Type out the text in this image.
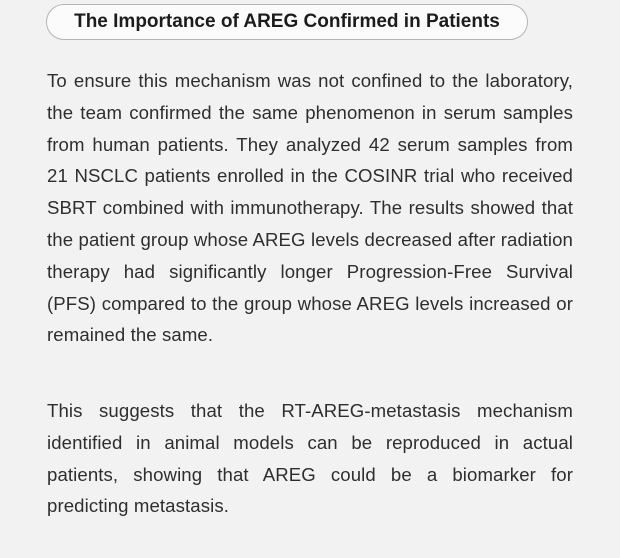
The Importance of AREG Confirmed in Patients

To ensure this mechanism was not confined to the laboratory, the team confirmed the same phenomenon in serum samples from human patients. They analyzed 42 serum samples from 21 NSCLC patients enrolled in the COSINR trial who received SBRT combined with immunotherapy. The results showed that the patient group whose AREG levels decreased after radiation therapy had significantly longer Progression-Free Survival (PFS) compared to the group whose AREG levels increased or remained the same.

This suggests that the RT-AREG-metastasis mechanism identified in animal models can be reproduced in actual patients, showing that AREG could be a biomarker for predicting metastasis.
